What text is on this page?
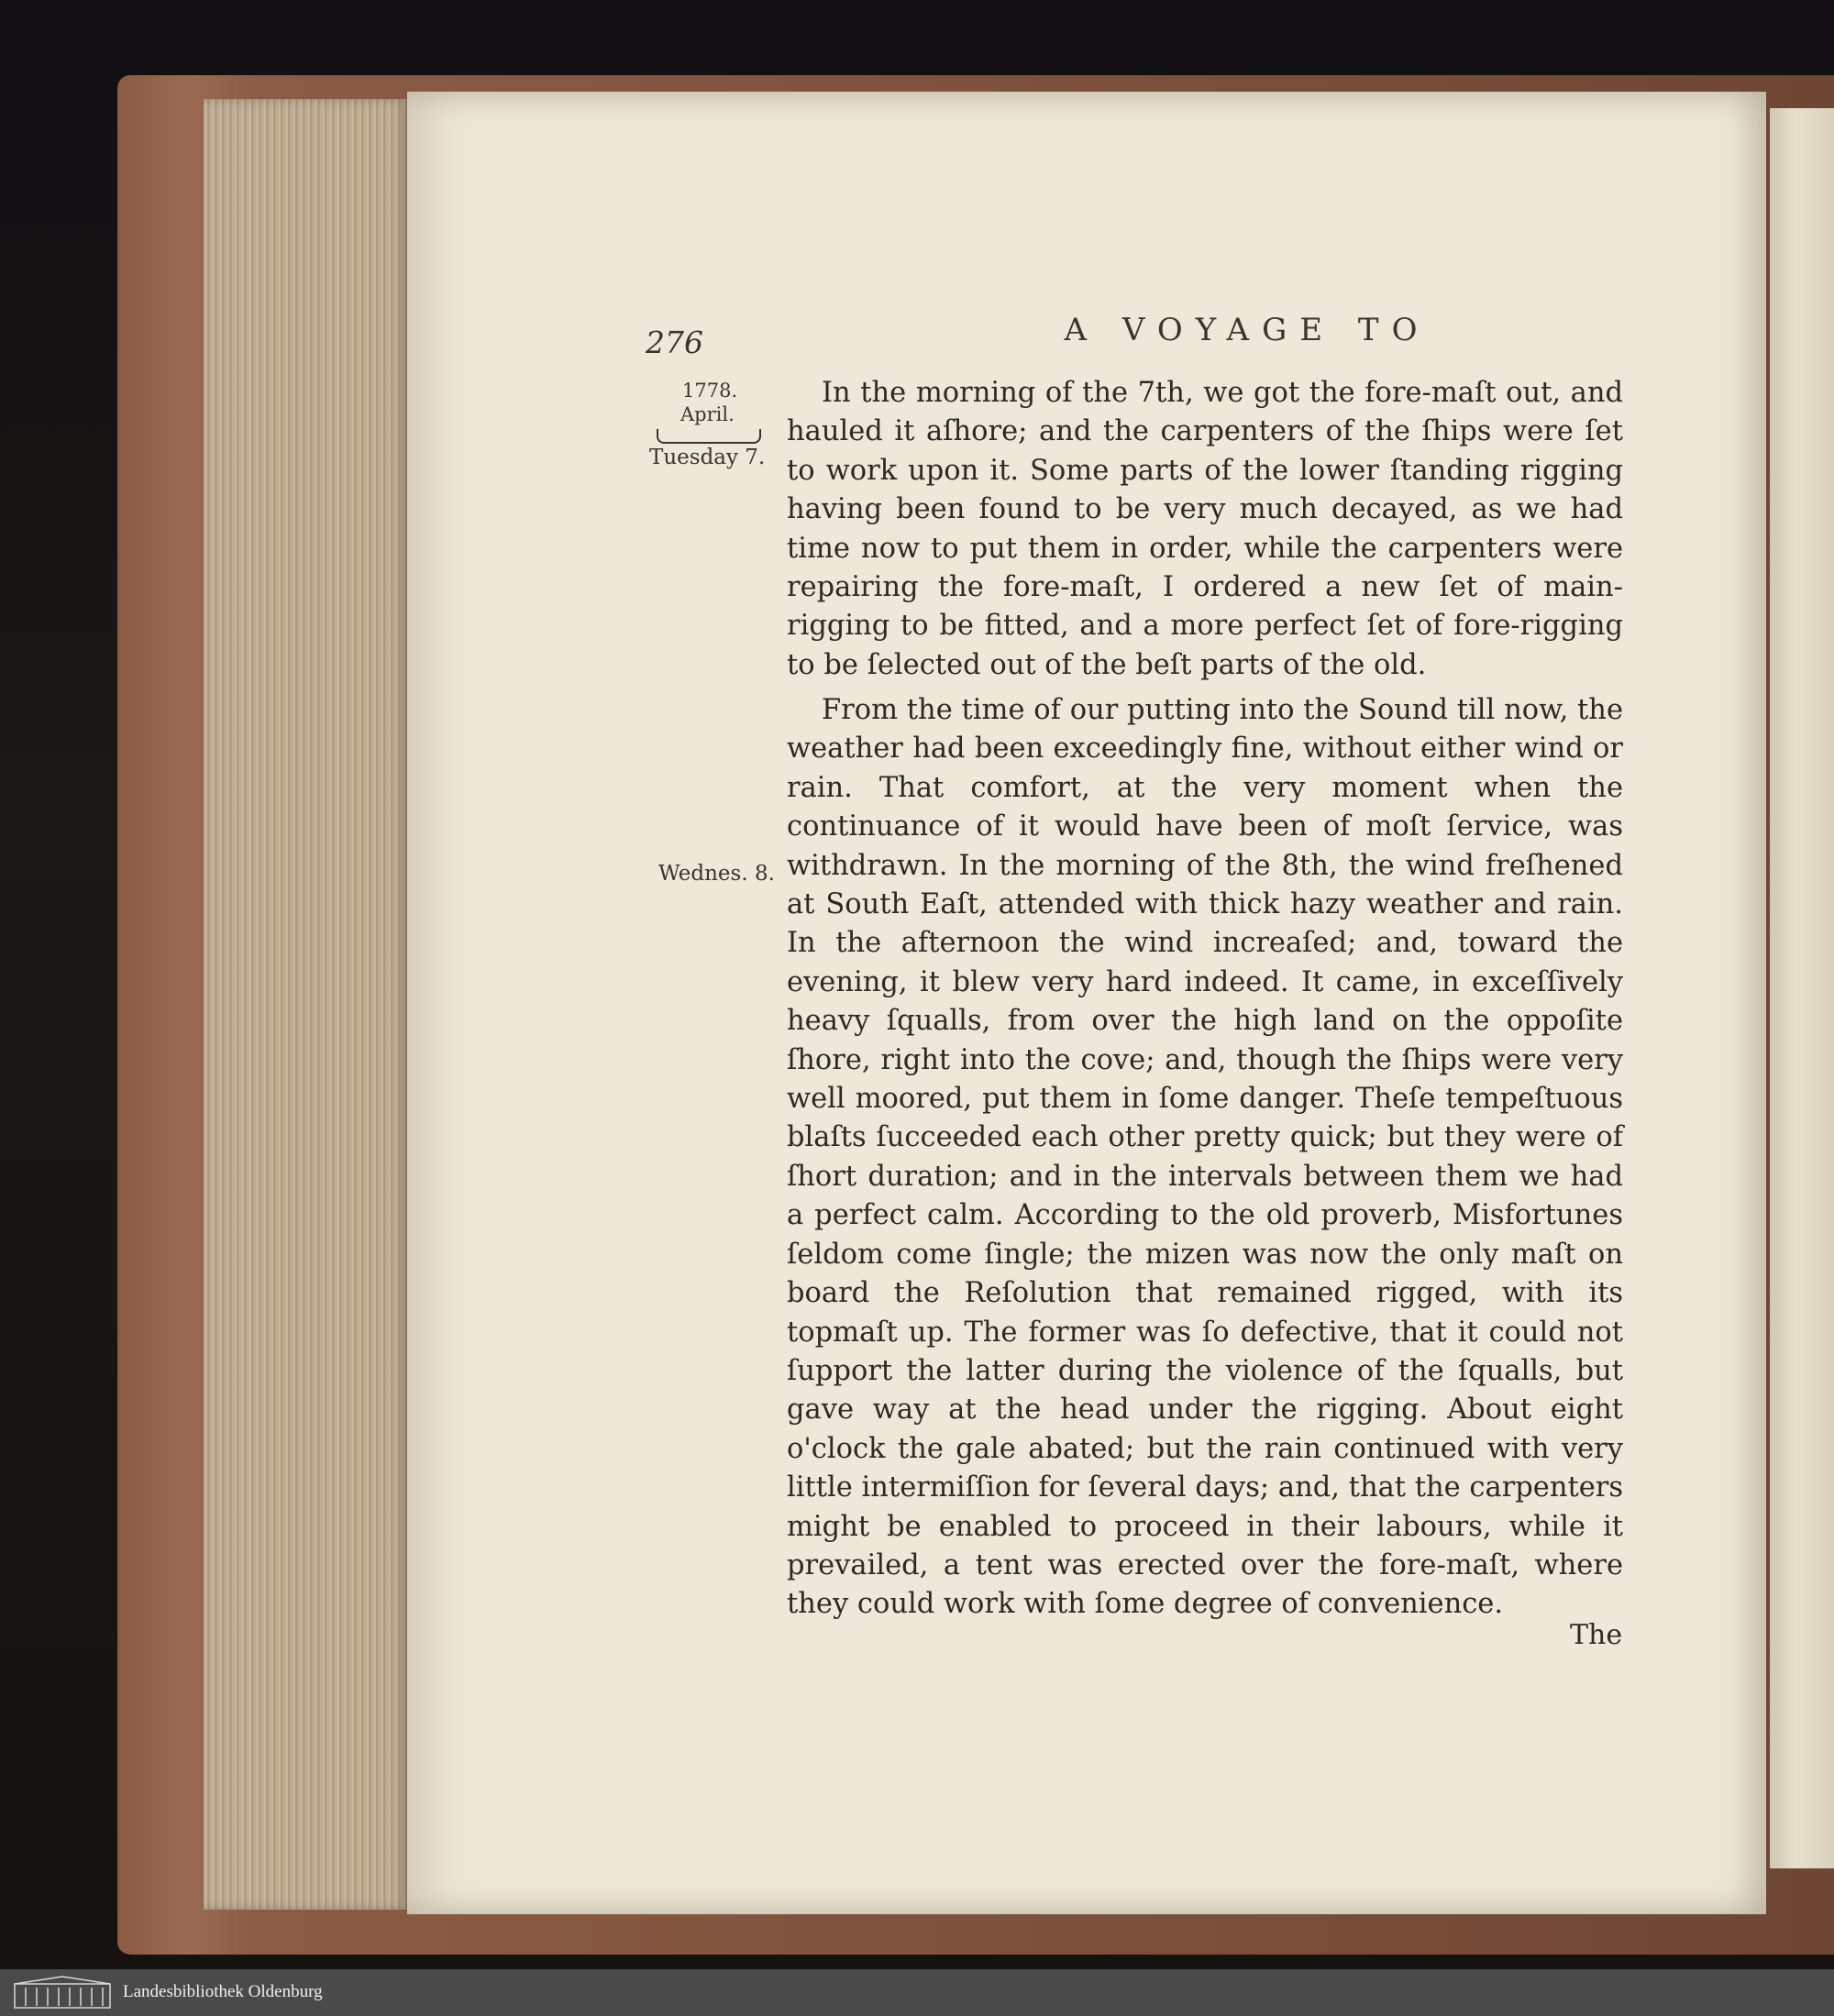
276	A VOYAGE TO
1778.
April.
Tuesday 7.
Wednes. 8.

In the morning of the 7th, we got the fore-maſt out, and hauled it aſhore; and the carpenters of the ſhips were ſet to work upon it. Some parts of the lower ſtanding rigging having been found to be very much decayed, as we had time now to put them in order, while the carpenters were repairing the fore-maſt, I ordered a new ſet of main-rigging to be fitted, and a more perfect ſet of fore-rigging to be ſelected out of the beſt parts of the old.

From the time of our putting into the Sound till now, the weather had been exceedingly fine, without either wind or rain. That comfort, at the very moment when the continuance of it would have been of moſt ſervice, was withdrawn. In the morning of the 8th, the wind freſhened at South Eaſt, attended with thick hazy weather and rain. In the afternoon the wind increaſed; and, toward the evening, it blew very hard indeed. It came, in exceſſively heavy ſqualls, from over the high land on the oppoſite ſhore, right into the cove; and, though the ſhips were very well moored, put them in ſome danger. Theſe tempeſtuous blaſts ſucceeded each other pretty quick; but they were of ſhort duration; and in the intervals between them we had a perfect calm. According to the old proverb, Misfortunes ſeldom come ſingle; the mizen was now the only maſt on board the Reſolution that remained rigged, with its topmaſt up. The former was ſo defective, that it could not ſupport the latter during the violence of the ſqualls, but gave way at the head under the rigging. About eight o'clock the gale abated; but the rain continued with very little intermiſſion for ſeveral days; and, that the carpenters might be enabled to proceed in their labours, while it prevailed, a tent was erected over the fore-maſt, where they could work with ſome degree of convenience.

The
Landesbibliothek Oldenburg
